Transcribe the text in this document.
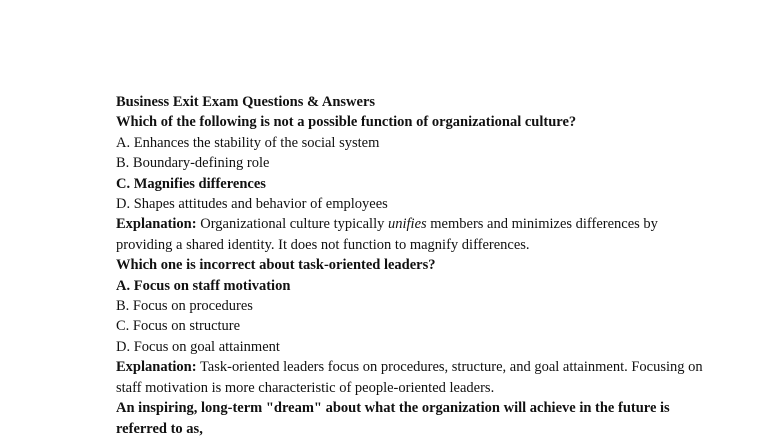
Business Exit Exam Questions & Answers
Which of the following is not a possible function of organizational culture?
A. Enhances the stability of the social system
B. Boundary-defining role
C. Magnifies differences
D. Shapes attitudes and behavior of employees
Explanation: Organizational culture typically unifies members and minimizes differences by providing a shared identity. It does not function to magnify differences.
Which one is incorrect about task-oriented leaders?
A. Focus on staff motivation
B. Focus on procedures
C. Focus on structure
D. Focus on goal attainment
Explanation: Task-oriented leaders focus on procedures, structure, and goal attainment. Focusing on staff motivation is more characteristic of people-oriented leaders.
An inspiring, long-term "dream" about what the organization will achieve in the future is referred to as,
